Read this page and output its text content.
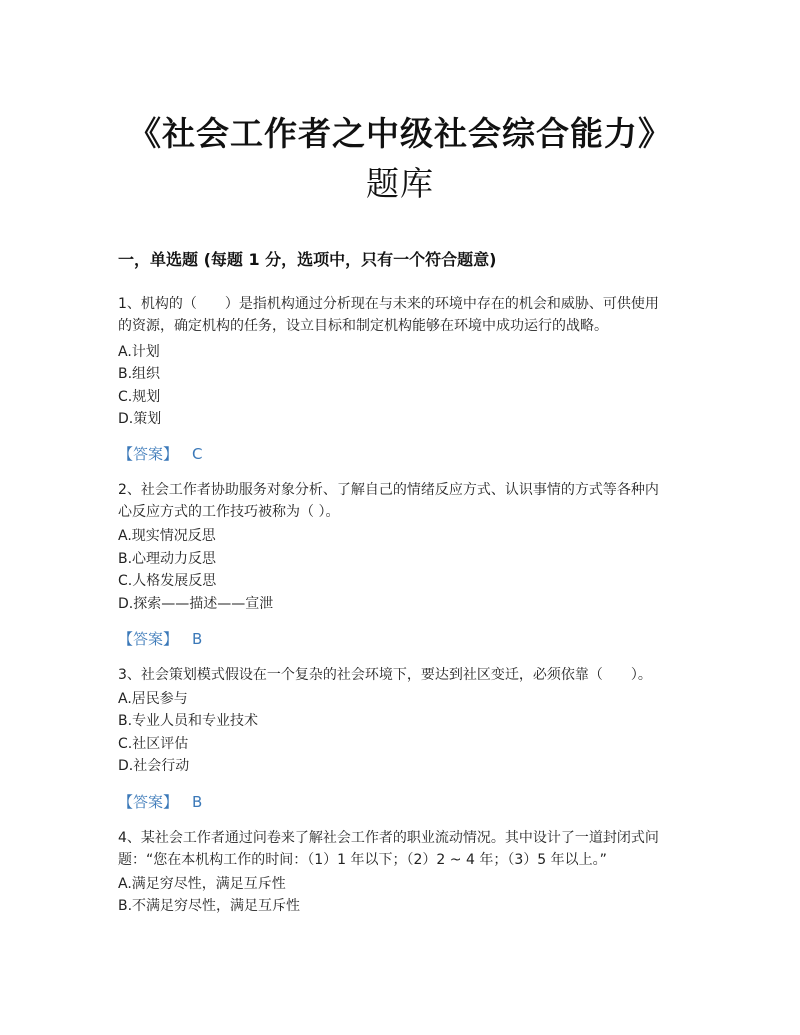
《社会工作者之中级社会综合能力》
题库
一，单选题 (每题 1 分，选项中，只有一个符合题意)

1、机构的（　　）是指机构通过分析现在与未来的环境中存在的机会和威胁、可供使用

的资源，确定机构的任务，设立目标和制定机构能够在环境中成功运行的战略。

A.计划
B.组织
C.规划
D.策划
【答案】 C

2、社会工作者协助服务对象分析、了解自己的情绪反应方式、认识事情的方式等各种内

心反应方式的工作技巧被称为（ ）。

A.现实情况反思
B.心理动力反思
C.人格发展反思
D.探索——描述——宣泄
【答案】 B

3、社会策划模式假设在一个复杂的社会环境下，要达到社区变迁，必须依靠（　　）。

A.居民参与
B.专业人员和专业技术
C.社区评估
D.社会行动
【答案】 B

4、某社会工作者通过问卷来了解社会工作者的职业流动情况。其中设计了一道封闭式问

题：“您在本机构工作的时间：（1）1 年以下；（2）2 ~ 4 年；（3）5 年以上。”

A.满足穷尽性，满足互斥性
B.不满足穷尽性，满足互斥性
